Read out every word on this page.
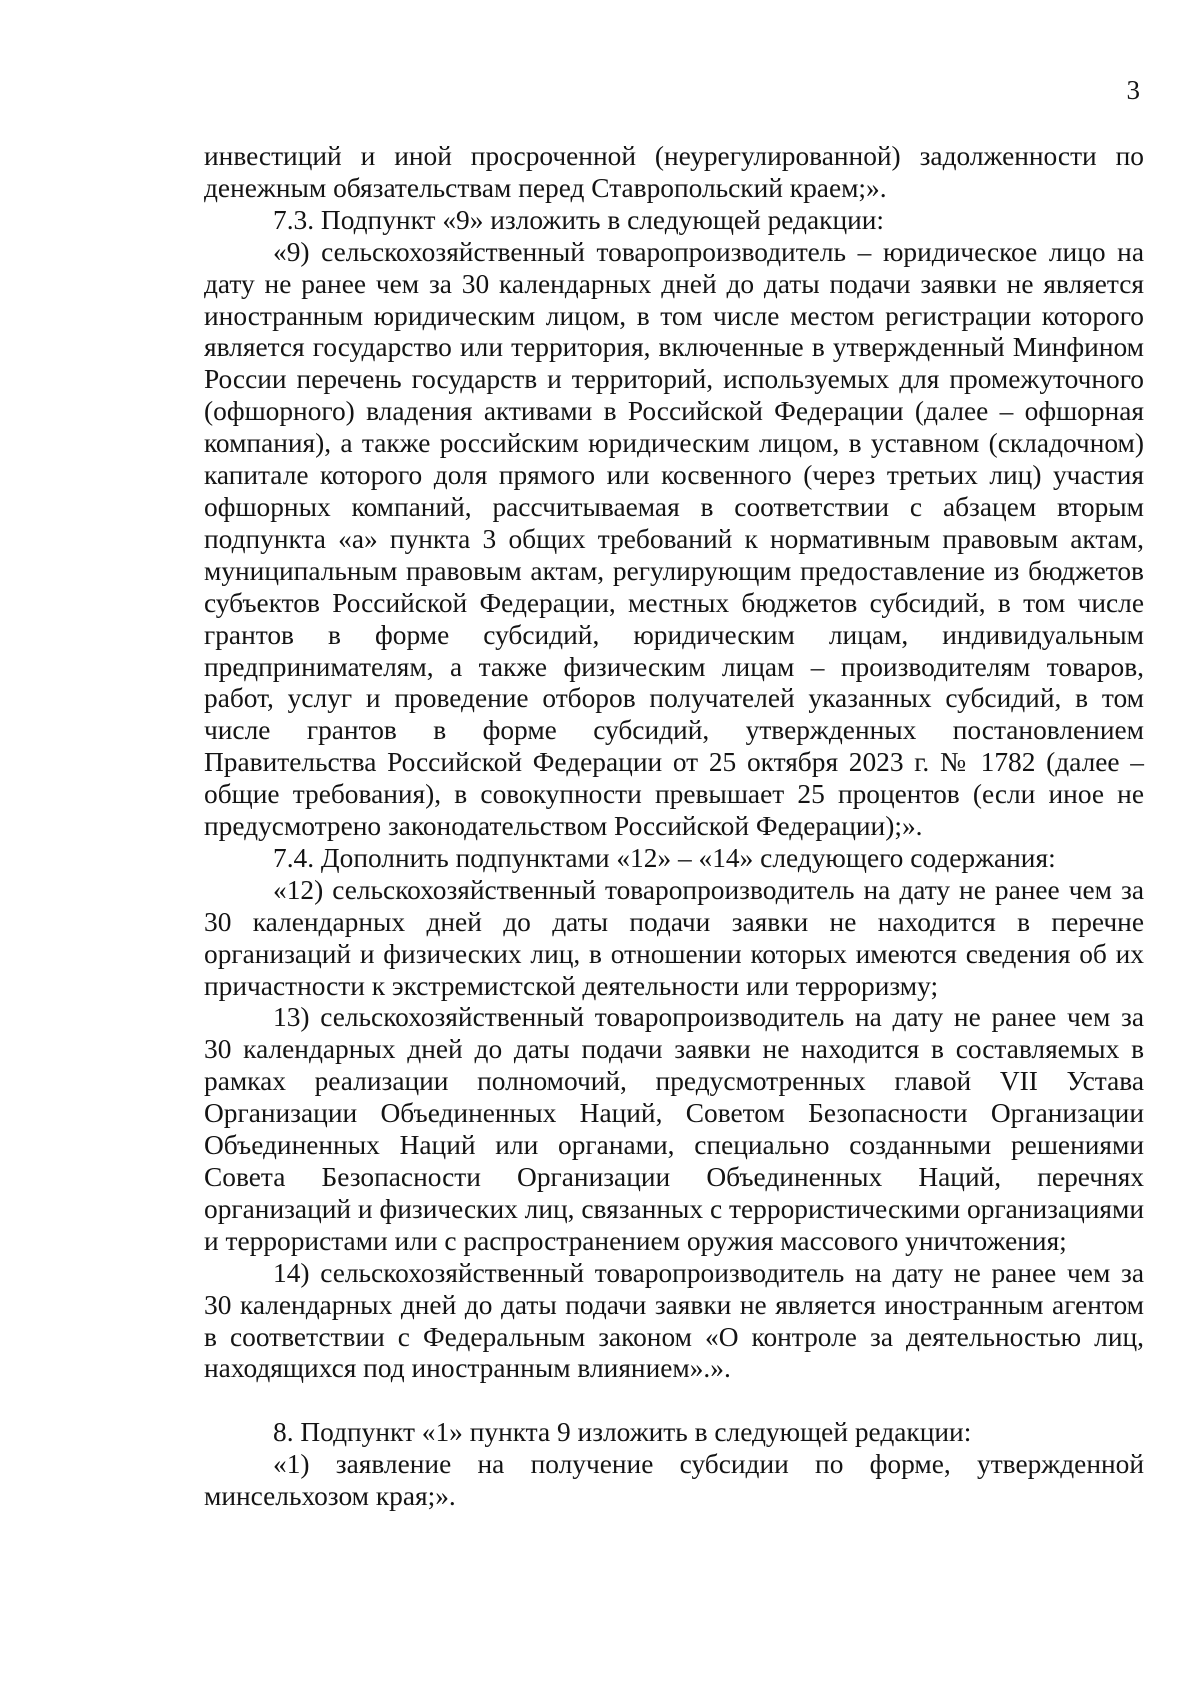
3

инвестиций и иной просроченной (неурегулированной) задолженности по денежным обязательствам перед Ставропольский краем;».

7.3. Подпункт «9» изложить в следующей редакции:

«9) сельскохозяйственный товаропроизводитель – юридическое лицо на дату не ранее чем за 30 календарных дней до даты подачи заявки не является иностранным юридическим лицом, в том числе местом регистрации которого является государство или территория, включенные в утвержденный Минфином России перечень государств и территорий, используемых для промежуточного (офшорного) владения активами в Российской Федерации (далее – офшорная компания), а также российским юридическим лицом, в уставном (складочном) капитале которого доля прямого или косвенного (через третьих лиц) участия офшорных компаний, рассчитываемая в соответствии с абзацем вторым подпункта «а» пункта 3 общих требований к нормативным правовым актам, муниципальным правовым актам, регулирующим предоставление из бюджетов субъектов Российской Федерации, местных бюджетов субсидий, в том числе грантов в форме субсидий, юридическим лицам, индивидуальным предпринимателям, а также физическим лицам – производителям товаров, работ, услуг и проведение отборов получателей указанных субсидий, в том числе грантов в форме субсидий, утвержденных постановлением Правительства Российской Федерации от 25 октября 2023 г. № 1782 (далее – общие требования), в совокупности превышает 25 процентов (если иное не предусмотрено законодательством Российской Федерации);».

7.4. Дополнить подпунктами «12» – «14» следующего содержания:

«12) сельскохозяйственный товаропроизводитель на дату не ранее чем за 30 календарных дней до даты подачи заявки не находится в перечне организаций и физических лиц, в отношении которых имеются сведения об их причастности к экстремистской деятельности или терроризму;

13) сельскохозяйственный товаропроизводитель на дату не ранее чем за 30 календарных дней до даты подачи заявки не находится в составляемых в рамках реализации полномочий, предусмотренных главой VII Устава Организации Объединенных Наций, Советом Безопасности Организации Объединенных Наций или органами, специально созданными решениями Совета Безопасности Организации Объединенных Наций, перечнях организаций и физических лиц, связанных с террористическими организациями и террористами или с распространением оружия массового уничтожения;

14) сельскохозяйственный товаропроизводитель на дату не ранее чем за 30 календарных дней до даты подачи заявки не является иностранным агентом в соответствии с Федеральным законом «О контроле за деятельностью лиц, находящихся под иностранным влиянием».».

8. Подпункт «1» пункта 9 изложить в следующей редакции:

«1) заявление на получение субсидии по форме, утвержденной минсельхозом края;».
